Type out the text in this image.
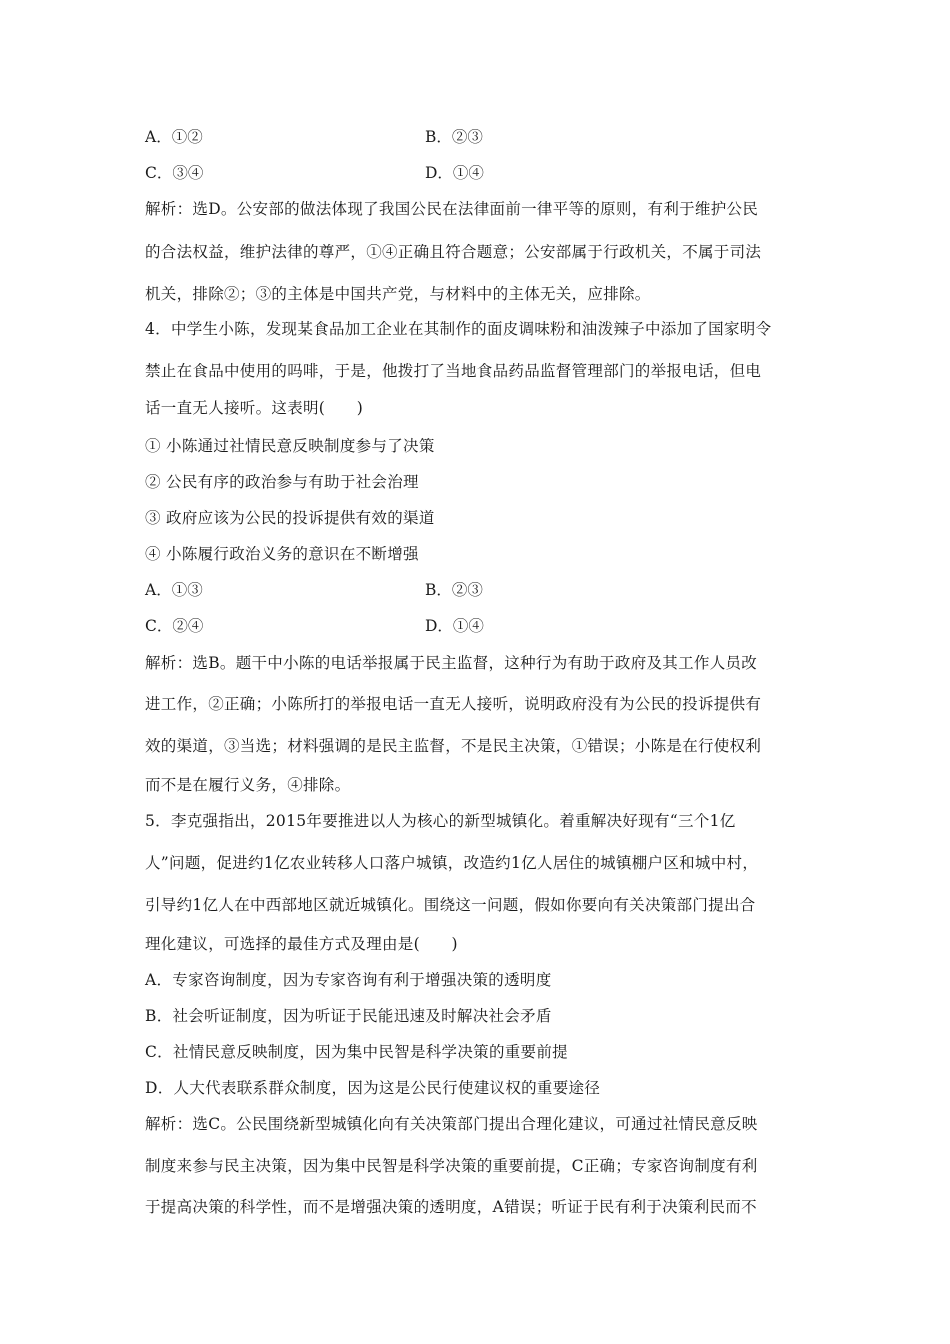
A．①②	B．②③
C．③④	D．①④
解析：选D。公安部的做法体现了我国公民在法律面前一律平等的原则，有利于维护公民
的合法权益，维护法律的尊严，①④正确且符合题意；公安部属于行政机关，不属于司法
机关，排除②；③的主体是中国共产党，与材料中的主体无关，应排除。
4．中学生小陈，发现某食品加工企业在其制作的面皮调味粉和油泼辣子中添加了国家明令
禁止在食品中使用的吗啡，于是，他拨打了当地食品药品监督管理部门的举报电话，但电
话一直无人接听。这表明(　　)
① 小陈通过社情民意反映制度参与了决策
② 公民有序的政治参与有助于社会治理
③ 政府应该为公民的投诉提供有效的渠道
④ 小陈履行政治义务的意识在不断增强
A．①③	B．②③
C．②④	D．①④
解析：选B。题干中小陈的电话举报属于民主监督，这种行为有助于政府及其工作人员改
进工作，②正确；小陈所打的举报电话一直无人接听，说明政府没有为公民的投诉提供有
效的渠道，③当选；材料强调的是民主监督，不是民主决策，①错误；小陈是在行使权利
而不是在履行义务，④排除。
5．李克强指出，2015年要推进以人为核心的新型城镇化。着重解决好现有“三个1亿
人”问题，促进约1亿农业转移人口落户城镇，改造约1亿人居住的城镇棚户区和城中村，
引导约1亿人在中西部地区就近城镇化。围绕这一问题，假如你要向有关决策部门提出合
理化建议，可选择的最佳方式及理由是(　　)
A．专家咨询制度，因为专家咨询有利于增强决策的透明度
B．社会听证制度，因为听证于民能迅速及时解决社会矛盾
C．社情民意反映制度，因为集中民智是科学决策的重要前提
D．人大代表联系群众制度，因为这是公民行使建议权的重要途径
解析：选C。公民围绕新型城镇化向有关决策部门提出合理化建议，可通过社情民意反映
制度来参与民主决策，因为集中民智是科学决策的重要前提，C正确；专家咨询制度有利
于提高决策的科学性，而不是增强决策的透明度，A错误；听证于民有利于决策利民而不
